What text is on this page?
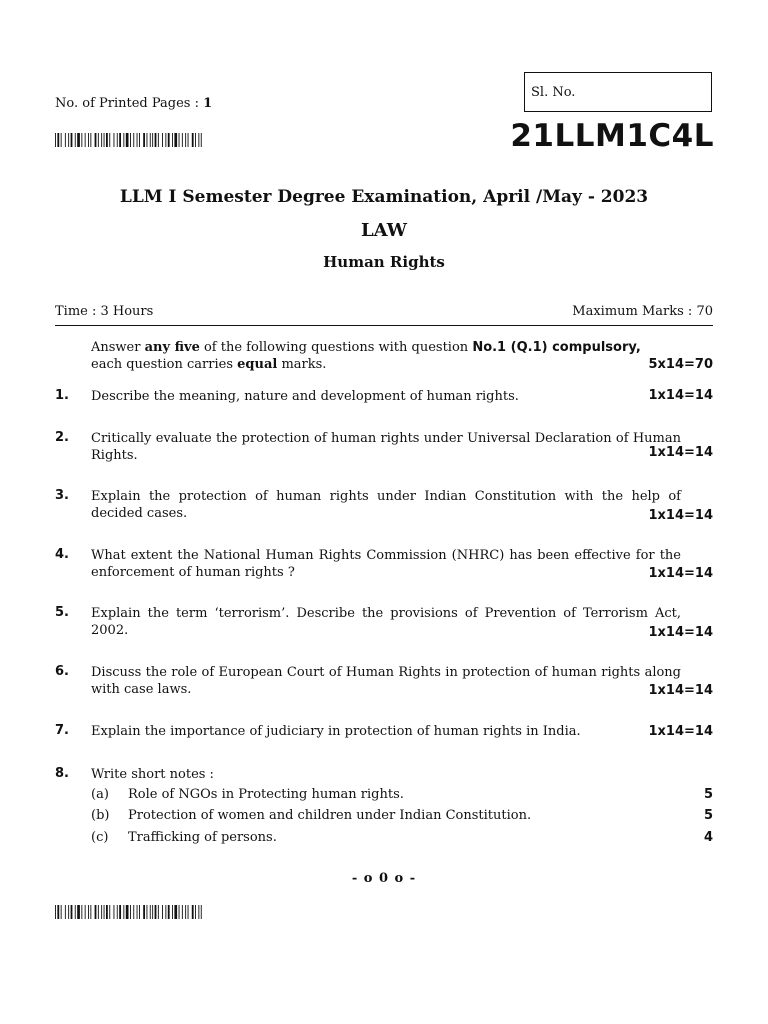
No. of Printed Pages : 1
Sl. No.
21LLM1C4L
LLM I Semester Degree Examination, April /May - 2023
LAW
Human Rights
Time : 3 Hours	Maximum Marks : 70
Answer any five of the following questions with question No.1 (Q.1) compulsory,
each question carries equal marks.	5x14=70
1. Describe the meaning, nature and development of human rights.	1x14=14
2. Critically evaluate the protection of human rights under Universal Declaration of Human Rights.	1x14=14
3. Explain the protection of human rights under Indian Constitution with the help of decided cases.	1x14=14
4. What extent the National Human Rights Commission (NHRC) has been effective for the enforcement of human rights ?	1x14=14
5. Explain the term ‘terrorism’. Describe the provisions of Prevention of Terrorism Act, 2002.	1x14=14
6. Discuss the role of European Court of Human Rights in protection of human rights along with case laws.	1x14=14
7. Explain the importance of judiciary in protection of human rights in India.	1x14=14
8. Write short notes :
(a) Role of NGOs in Protecting human rights.	5
(b) Protection of women and children under Indian Constitution.	5
(c) Trafficking of persons.	4
- o 0 o -
